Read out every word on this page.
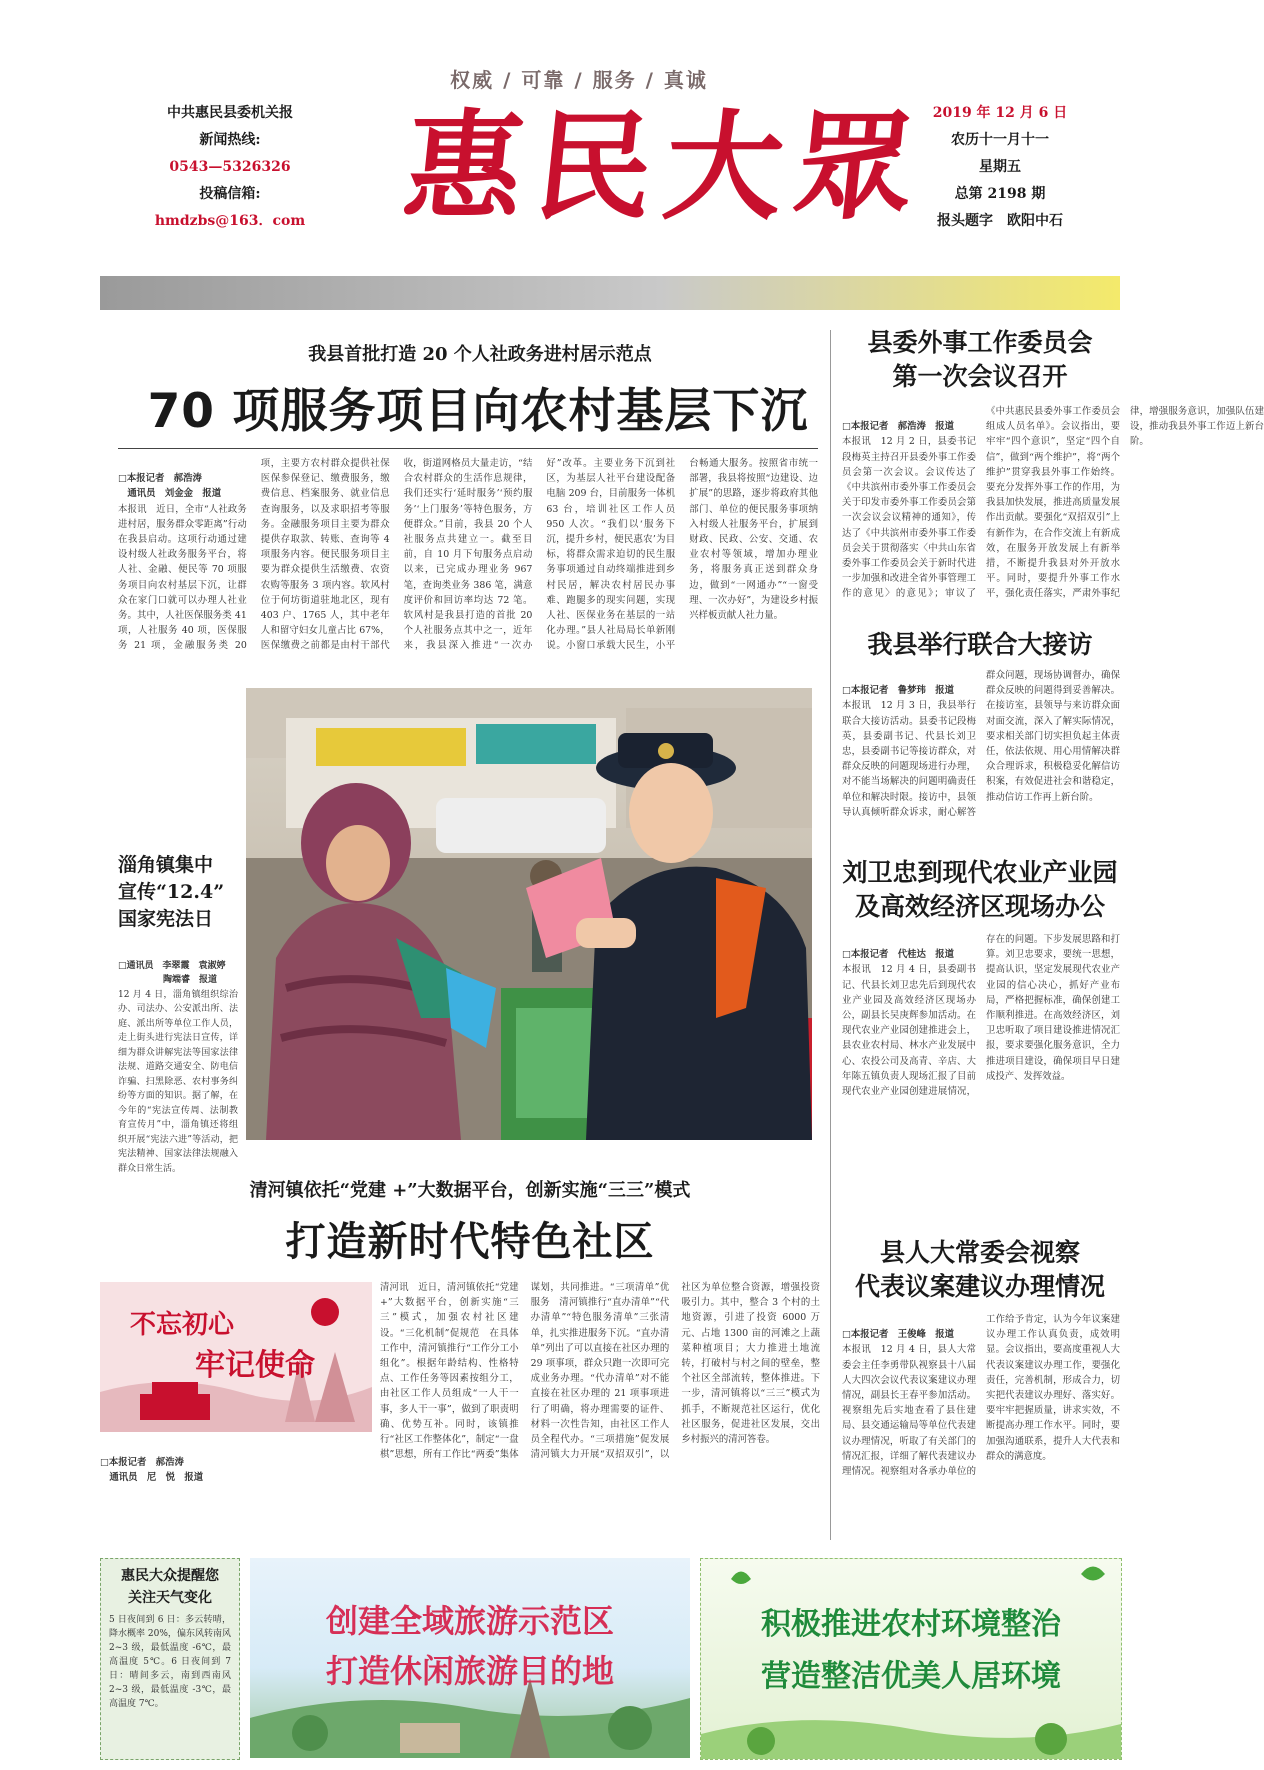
权威 / 可靠 / 服务 / 真诚
中共惠民县委机关报
新闻热线:
0543—5326326
投稿信箱:
hmdzbs@163．com 惠民大眾 2019 年 12 月 6 日
农历十一月十一
星期五
总第 2198 期
报头题字　欧阳中石
我县首批打造 20 个人社政务进村居示范点
70 项服务项目向农村基层下沉

□本报记者　郝浩涛
　通讯员　刘金金　报道
本报讯　近日，全市“人社政务进村居，服务群众零距离”行动在我县启动。这项行动通过建设村级人社政务服务平台，将人社、金融、便民等 70 项服务项目向农村基层下沉，让群众在家门口就可以办理人社业务。其中，人社医保服务类 41 项，人社服务 40 项，医保服务 21 项，金融服务类 20 项，主要方农村群众提供社保医保参保登记、缴费服务，缴费信息、档案服务、就业信息查询服务，以及求职招考等服务。金融服务项目主要为群众提供存取款、转账、查询等 4 项服务内容。便民服务项目主要为群众提供生活缴费、农资农购等服务 3 项内容。软风村位于何坊街道驻地北区，现有 403 户、1765 人，其中老年人和留守妇女儿童占比 67%，医保缴费之前都是由村干部代收，街道网格员大量走访，“结合农村群众的生活作息规律，我们还实行‘延时服务’‘预约服务’‘上门服务’等特色服务，方便群众。”目前，我县 20 个人社服务点共建立一。截至目前，自 10 月下旬服务点启动以来，已完成办理业务 967 笔，查询类业务 386 笔，满意度评价和回访率均达 72 笔。软风村是我县打造的首批 20 个人社服务点其中之一，近年来，我县深入推进“一次办好”改革。主要业务下沉到社区，为基层人社平台建设配备电脑 209 台，目前服务一体机 63 台，培训社区工作人员 950 人次。“我们以‘服务下沉，提升乡村，便民惠农’为目标，将群众需求迫切的民生服务事项通过自动终端推进到乡村民居，解决农村居民办事难、跑腿多的现实问题，实现人社、医保业务在基层的一站化办理。”县人社局局长单新刚说。小窗口承载大民生，小平台畅通大服务。按照省市统一部署，我县将按照“边建设、边扩展”的思路，逐步将政府其他部门、单位的便民服务事项纳入村级人社服务平台，扩展到财政、民政、公安、交通、农业农村等领域，增加办理业务，将服务真正送到群众身边，做到“一网通办”“一窗受理、一次办好”，为建设乡村振兴样板贡献人社力量。

淄角镇集中
宣传“12.4”
国家宪法日

□通讯员　李翠霞　袁淑婷
　　　　　陶端睿　报道
12 月 4 日，淄角镇组织综治办、司法办、公安派出所、法庭、派出所等单位工作人员，走上街头进行宪法日宣传，详细为群众讲解宪法等国家法律法规、道路交通安全、防电信诈骗、扫黑除恶、农村事务纠纷等方面的知识。据了解，在今年的“宪法宣传周、法制教育宣传月”中，淄角镇还将组织开展“宪法六进”等活动，把宪法精神、国家法律法规融入群众日常生活。

清河镇依托“党建 +”大数据平台，创新实施“三三”模式
打造新时代特色社区
不忘初心
牢记使命

□本报记者　郝浩涛
　通讯员　尼　悦　报道

清河讯　近日，清河镇依托“党建 +”大数据平台，创新实施“三三”模式，加强农村社区建设。“三化机制”促规范　在具体工作中，清河镇推行“工作分工小组化”。根据年龄结构、性格特点、工作任务等因素按组分工，由社区工作人员组成“一人干一事，多人干一事”，做到了职责明确、优势互补。同时，该镇推行“社区工作整体化”，制定“一盘棋”思想，所有工作比“两委”集体谋划，共同推进。“三项清单”优服务　清河镇推行“直办清单”“代办清单”“特色服务清单”三张清单，扎实推进服务下沉。“直办清单”列出了可以直接在社区办理的 29 项事项，群众只跑一次即可完成业务办理。“代办清单”对不能直接在社区办理的 21 项事项进行了明确，将办理需要的证件、材料一次性告知，由社区工作人员全程代办。“三项措施”促发展　清河镇大力开展“双招双引”，以社区为单位整合资源，增强投资吸引力。其中，整合 3 个村的土地资源，引进了投资 6000 万元、占地 1300 亩的河滩之上蔬菜种植项目；大力推进土地流转，打破村与村之间的壁垒，整个社区全部流转，整体推进。下一步，清河镇将以“三三”模式为抓手，不断规范社区运行，优化社区服务，促进社区发展，交出乡村振兴的清河答卷。
县委外事工作委员会
第一次会议召开

□本报记者　郝浩涛　报道
本报讯　12 月 2 日，县委书记段梅英主持召开县委外事工作委员会第一次会议。会议传达了《中共滨州市委外事工作委员会关于印发市委外事工作委员会第一次会议会议精神的通知》，传达了《中共滨州市委外事工作委员会关于贯彻落实〈中共山东省委外事工作委员会关于新时代进一步加强和改进全省外事管理工作的意见〉的意见》；审议了《中共惠民县委外事工作委员会组成人员名单》。会议指出，要牢牢“四个意识”，坚定“四个自信”，做到“两个维护”，将“两个维护”贯穿我县外事工作始终。要充分发挥外事工作的作用，为我县加快发展，推进高质量发展作出贡献。要强化“双招双引”上有新作为，在合作交流上有新成效，在服务开放发展上有新举措，不断提升我县对外开放水平。同时，要提升外事工作水平，强化责任落实，严肃外事纪律，增强服务意识，加强队伍建设，推动我县外事工作迈上新台阶。

我县举行联合大接访

□本报记者　鲁梦玮　报道
本报讯　12 月 3 日，我县举行联合大接访活动。县委书记段梅英，县委副书记、代县长刘卫忠，县委副书记等接访群众，对群众反映的问题现场进行办理，对不能当场解决的问题明确责任单位和解决时限。接访中，县领导认真倾听群众诉求，耐心解答群众问题，现场协调督办，确保群众反映的问题得到妥善解决。在接访室，县领导与来访群众面对面交流，深入了解实际情况，要求相关部门切实担负起主体责任，依法依规、用心用情解决群众合理诉求，积极稳妥化解信访积案，有效促进社会和谐稳定，推动信访工作再上新台阶。

刘卫忠到现代农业产业园
及高效经济区现场办公

□本报记者　代桂达　报道
本报讯　12 月 4 日，县委副书记、代县长刘卫忠先后到现代农业产业园及高效经济区现场办公，副县长吴庚辉参加活动。在现代农业产业园创建推进会上，县农业农村局、林水产业发展中心、农投公司及高青、辛店、大年陈五镇负责人现场汇报了目前现代农业产业园创建进展情况，存在的问题。下步发展思路和打算。刘卫忠要求，要统一思想，提高认识，坚定发展现代农业产业园的信心决心，抓好产业布局，严格把握标准，确保创建工作顺利推进。在高效经济区，刘卫忠听取了项目建设推进情况汇报，要求要强化服务意识，全力推进项目建设，确保项目早日建成投产、发挥效益。

县人大常委会视察
代表议案建议办理情况

□本报记者　王俊峰　报道
本报讯　12 月 4 日，县人大常委会主任李勇带队视察县十八届人大四次会议代表议案建议办理情况，副县长王春平参加活动。视察组先后实地查看了县住建局、县交通运输局等单位代表建议办理情况，听取了有关部门的情况汇报，详细了解代表建议办理情况。视察组对各承办单位的工作给予肯定，认为今年议案建议办理工作认真负责，成效明显。会议指出，要高度重视人大代表议案建议办理工作，要强化责任，完善机制，形成合力，切实把代表建议办理好、落实好。要牢牢把握质量，讲求实效，不断提高办理工作水平。同时，要加强沟通联系，提升人大代表和群众的满意度。

惠民大众提醒您
关注天气变化
5 日夜间到 6 日：多云转晴，降水概率 20%，偏东风转南风 2~3 级，最低温度 -6℃，最高温度 5℃。6 日夜间到 7 日：晴间多云，南到西南风 2~3 级，最低温度 -3℃，最高温度 7℃。
创建全域旅游示范区
打造休闲旅游目的地
积极推进农村环境整治
营造整洁优美人居环境
